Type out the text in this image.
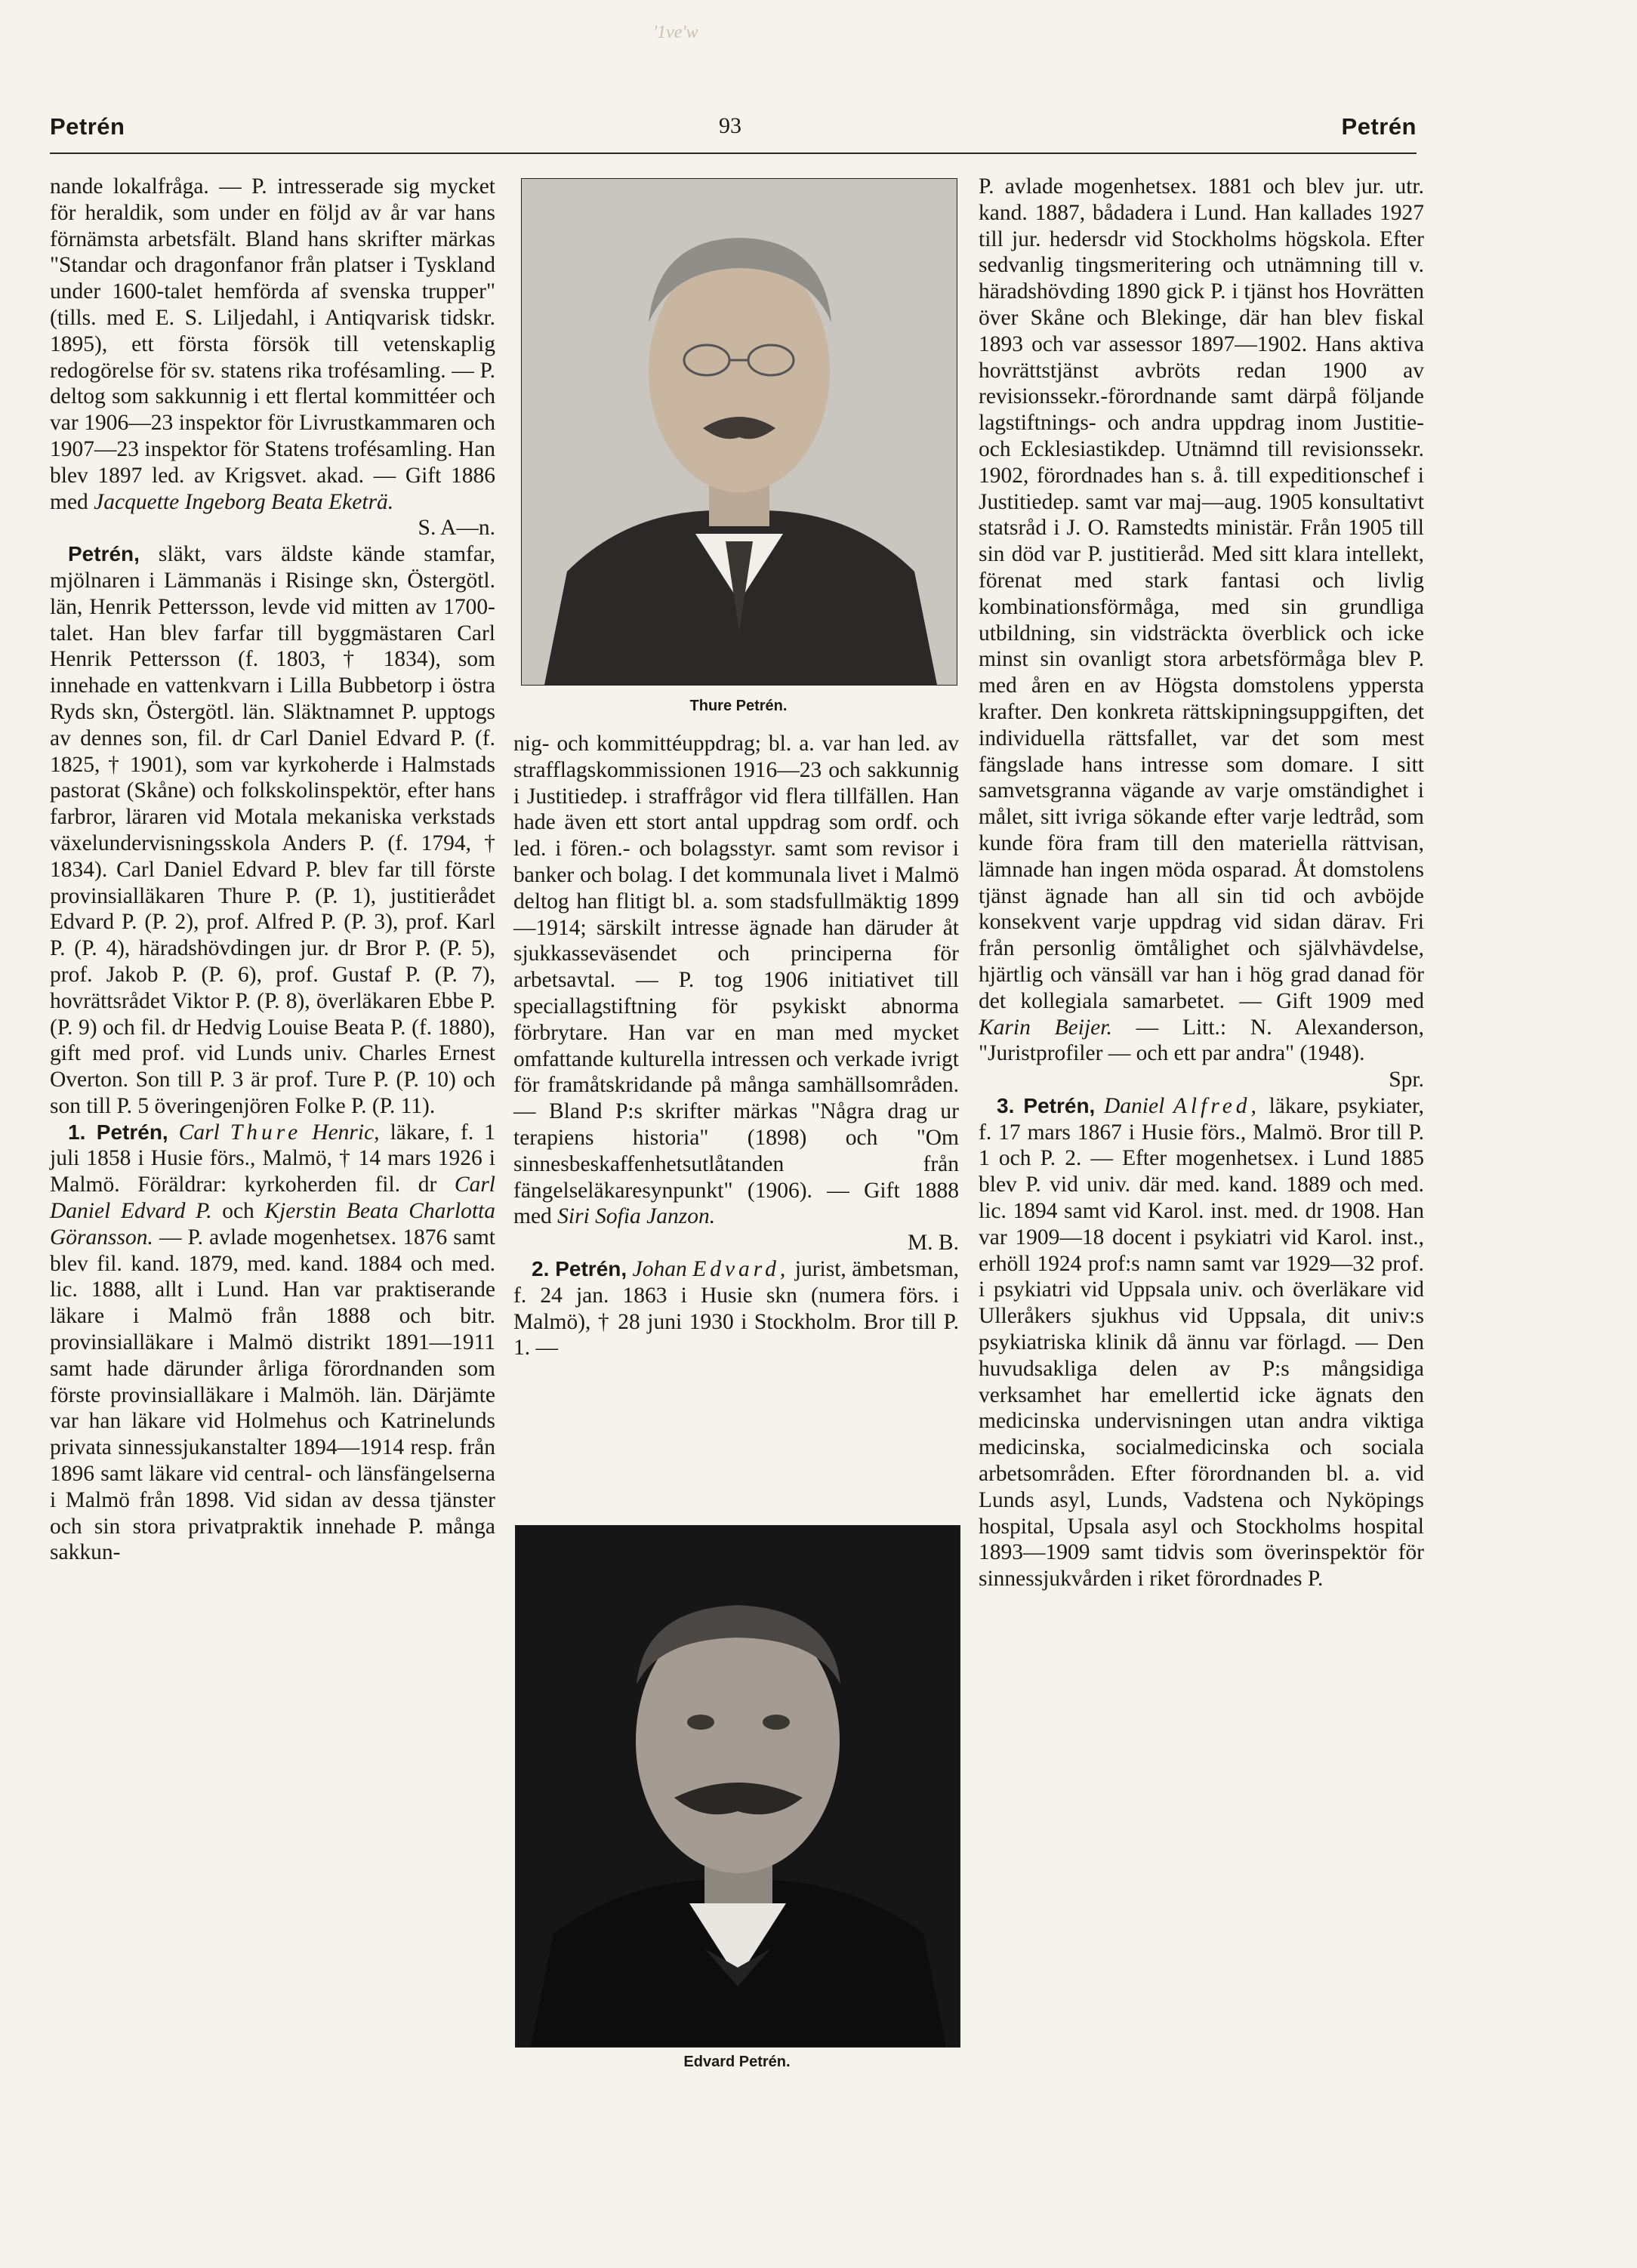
'1ve'w
Petrén	93	Petrén

nande lokalfråga. — P. intresserade sig mycket för heraldik, som under en följd av år var hans förnämsta arbetsfält. Bland hans skrifter märkas "Standar och dragonfanor från platser i Tyskland under 1600-talet hemförda af svenska trupper" (tills. med E. S. Liljedahl, i Antiqvarisk tidskr. 1895), ett första försök till vetenskaplig redogörelse för sv. statens rika trofésamling. — P. deltog som sakkunnig i ett flertal kommittéer och var 1906—23 inspektor för Livrustkammaren och 1907—23 inspektor för Statens trofésamling. Han blev 1897 led. av Krigsvet. akad. — Gift 1886 med Jacquette Ingeborg Beata Eketrä.

S. A—n.

Petrén, släkt, vars äldste kände stamfar, mjölnaren i Lämmanäs i Risinge skn, Östergötl. län, Henrik Pettersson, levde vid mitten av 1700-talet. Han blev farfar till byggmästaren Carl Henrik Pettersson (f. 1803, † 1834), som innehade en vattenkvarn i Lilla Bubbetorp i östra Ryds skn, Östergötl. län. Släktnamnet P. upptogs av dennes son, fil. dr Carl Daniel Edvard P. (f. 1825, † 1901), som var kyrkoherde i Halmstads pastorat (Skåne) och folkskolinspektör, efter hans farbror, läraren vid Motala mekaniska verkstads växelundervisningsskola Anders P. (f. 1794, † 1834). Carl Daniel Edvard P. blev far till förste provinsialläkaren Thure P. (P. 1), justitierådet Edvard P. (P. 2), prof. Alfred P. (P. 3), prof. Karl P. (P. 4), häradshövdingen jur. dr Bror P. (P. 5), prof. Jakob P. (P. 6), prof. Gustaf P. (P. 7), hovrättsrådet Viktor P. (P. 8), överläkaren Ebbe P. (P. 9) och fil. dr Hedvig Louise Beata P. (f. 1880), gift med prof. vid Lunds univ. Charles Ernest Overton. Son till P. 3 är prof. Ture P. (P. 10) och son till P. 5 överingenjören Folke P. (P. 11).

1. Petrén, Carl Thure Henric, läkare, f. 1 juli 1858 i Husie förs., Malmö, † 14 mars 1926 i Malmö. Föräldrar: kyrkoherden fil. dr Carl Daniel Edvard P. och Kjerstin Beata Charlotta Göransson. — P. avlade mogenhetsex. 1876 samt blev fil. kand. 1879, med. kand. 1884 och med. lic. 1888, allt i Lund. Han var praktiserande läkare i Malmö från 1888 och bitr. provinsialläkare i Malmö distrikt 1891—1911 samt hade därunder årliga förordnanden som förste provinsialläkare i Malmöh. län. Därjämte var han läkare vid Holmehus och Katrinelunds privata sinnessjukanstalter 1894—1914 resp. från 1896 samt läkare vid central- och länsfängelserna i Malmö från 1898. Vid sidan av dessa tjänster och sin stora privatpraktik innehade P. många sakkun-

Thure Petrén.

nig- och kommittéuppdrag; bl. a. var han led. av strafflagskommissionen 1916—23 och sakkunnig i Justitiedep. i straffrågor vid flera tillfällen. Han hade även ett stort antal uppdrag som ordf. och led. i fören.- och bolagsstyr. samt som revisor i banker och bolag. I det kommunala livet i Malmö deltog han flitigt bl. a. som stadsfullmäktig 1899—1914; särskilt intresse ägnade han däruder åt sjukkasseväsendet och principerna för arbetsavtal. — P. tog 1906 initiativet till speciallagstiftning för psykiskt abnorma förbrytare. Han var en man med mycket omfattande kulturella intressen och verkade ivrigt för framåtskridande på många samhällsområden. — Bland P:s skrifter märkas "Några drag ur terapiens historia" (1898) och "Om sinnesbeskaffenhetsutlåtanden från fängelseläkaresynpunkt" (1906). — Gift 1888 med Siri Sofia Janzon.

M. B.

2. Petrén, Johan Edvard, jurist, ämbetsman, f. 24 jan. 1863 i Husie skn (numera förs. i Malmö), † 28 juni 1930 i Stockholm. Bror till P. 1. —

Edvard Petrén.

P. avlade mogenhetsex. 1881 och blev jur. utr. kand. 1887, bådadera i Lund. Han kallades 1927 till jur. hedersdr vid Stockholms högskola. Efter sedvanlig tingsmeritering och utnämning till v. häradshövding 1890 gick P. i tjänst hos Hovrätten över Skåne och Blekinge, där han blev fiskal 1893 och var assessor 1897—1902. Hans aktiva hovrättstjänst avbröts redan 1900 av revisionssekr.-förordnande samt därpå följande lagstiftnings- och andra uppdrag inom Justitie- och Ecklesiastikdep. Utnämnd till revisionssekr. 1902, förordnades han s. å. till expeditionschef i Justitiedep. samt var maj—aug. 1905 konsultativt statsråd i J. O. Ramstedts ministär. Från 1905 till sin död var P. justitieråd. Med sitt klara intellekt, förenat med stark fantasi och livlig kombinationsförmåga, med sin grundliga utbildning, sin vidsträckta överblick och icke minst sin ovanligt stora arbetsförmåga blev P. med åren en av Högsta domstolens yppersta krafter. Den konkreta rättskipningsuppgiften, det individuella rättsfallet, var det som mest fängslade hans intresse som domare. I sitt samvetsgranna vägande av varje omständighet i målet, sitt ivriga sökande efter varje ledtråd, som kunde föra fram till den materiella rättvisan, lämnade han ingen möda osparad. Åt domstolens tjänst ägnade han all sin tid och avböjde konsekvent varje uppdrag vid sidan därav. Fri från personlig ömtålighet och självhävdelse, hjärtlig och vänsäll var han i hög grad danad för det kollegiala samarbetet. — Gift 1909 med Karin Beijer. — Litt.: N. Alexanderson, "Juristprofiler — och ett par andra" (1948).

Spr.

3. Petrén, Daniel Alfred, läkare, psykiater, f. 17 mars 1867 i Husie förs., Malmö. Bror till P. 1 och P. 2. — Efter mogenhetsex. i Lund 1885 blev P. vid univ. där med. kand. 1889 och med. lic. 1894 samt vid Karol. inst. med. dr 1908. Han var 1909—18 docent i psykiatri vid Karol. inst., erhöll 1924 prof:s namn samt var 1929—32 prof. i psykiatri vid Uppsala univ. och överläkare vid Ulleråkers sjukhus vid Uppsala, dit univ:s psykiatriska klinik då ännu var förlagd. — Den huvudsakliga delen av P:s mångsidiga verksamhet har emellertid icke ägnats den medicinska undervisningen utan andra viktiga medicinska, socialmedicinska och sociala arbetsområden. Efter förordnanden bl. a. vid Lunds asyl, Lunds, Vadstena och Nyköpings hospital, Upsala asyl och Stockholms hospital 1893—1909 samt tidvis som överinspektör för sinnessjukvården i riket förordnades P.
